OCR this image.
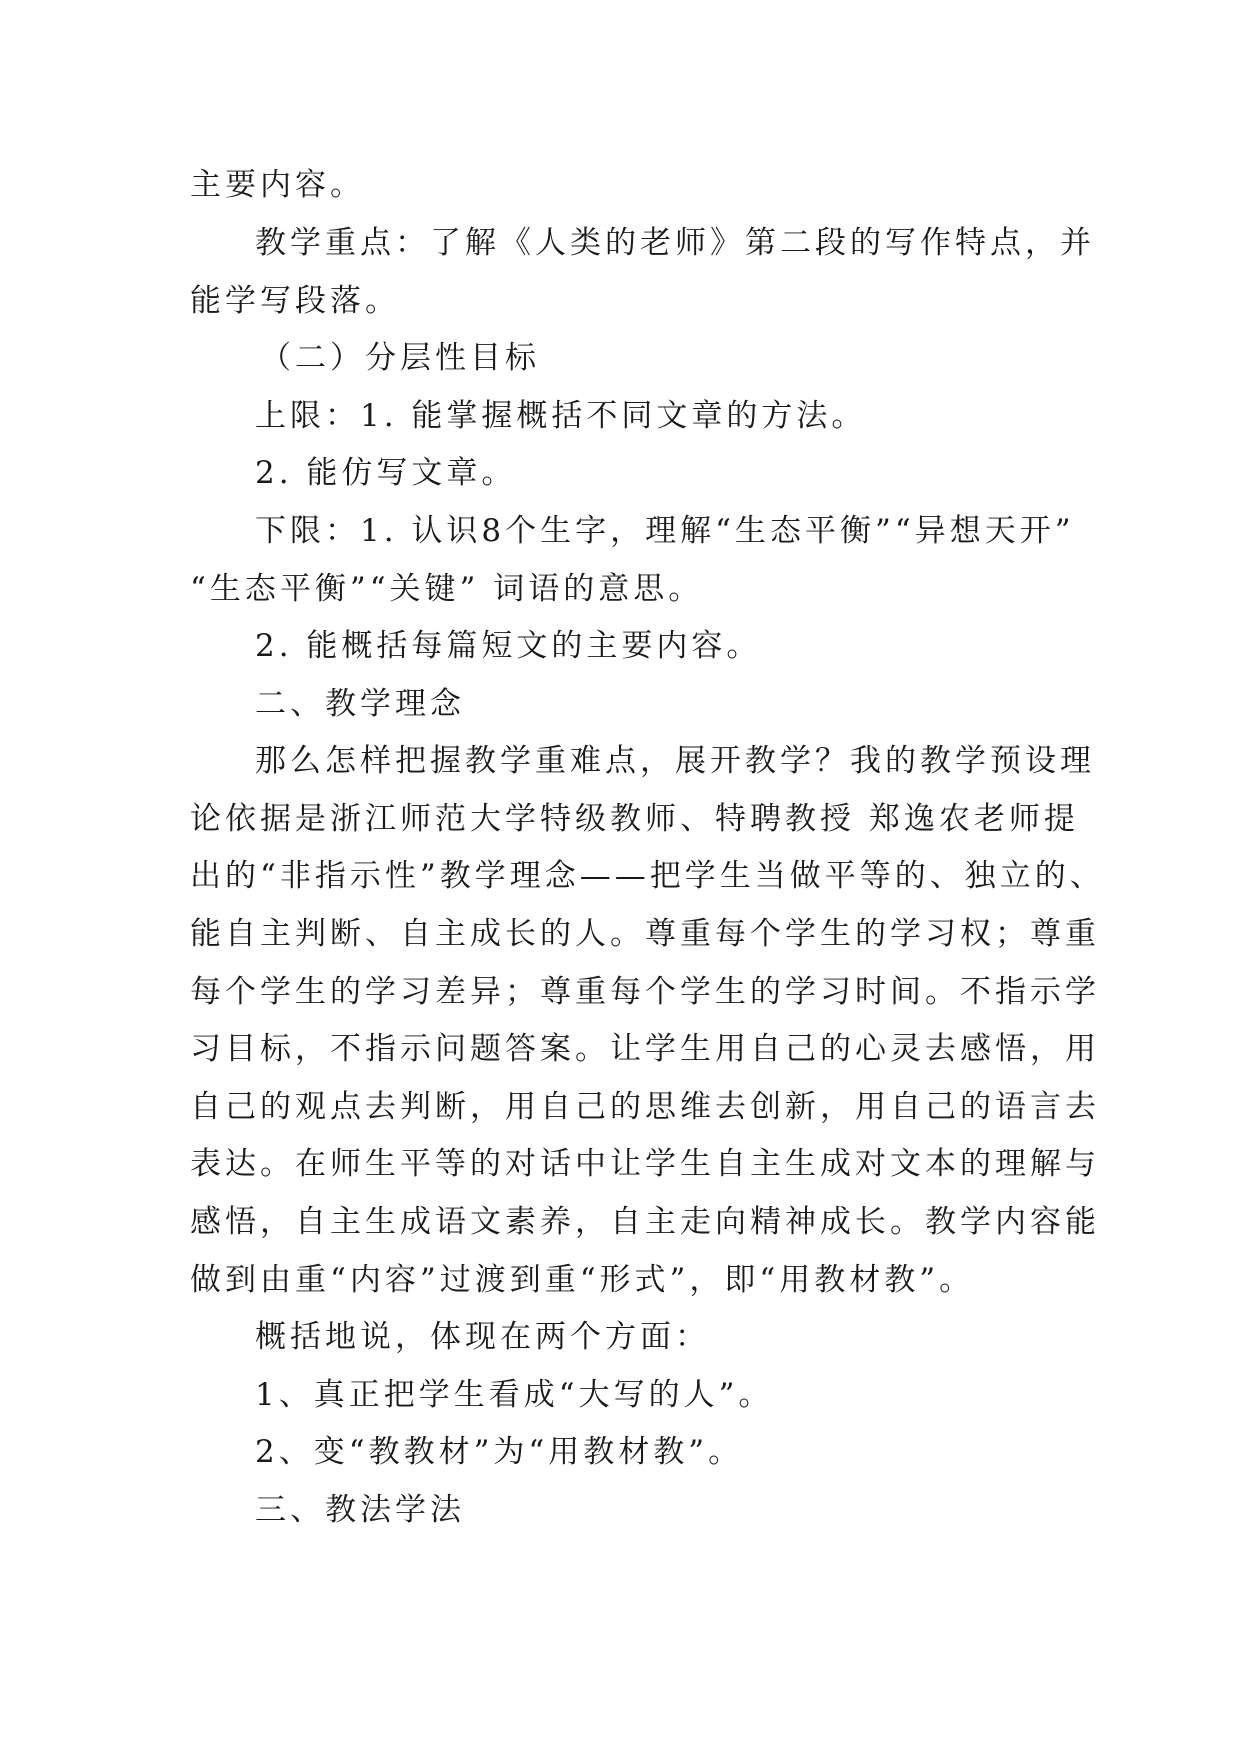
主要内容。
教学重点：了解《人类的老师》第二段的写作特点，并
能学写段落。
（二）分层性目标
上限：1. 能掌握概括不同文章的方法。
2. 能仿写文章。
下限：1. 认识8个生字，理解“生态平衡”“异想天开”
“生态平衡”“关键” 词语的意思。
2. 能概括每篇短文的主要内容。
二、教学理念
那么怎样把握教学重难点，展开教学？我的教学预设理
论依据是浙江师范大学特级教师、特聘教授 郑逸农老师提
出的“非指示性”教学理念——把学生当做平等的、独立的、
能自主判断、自主成长的人。尊重每个学生的学习权；尊重
每个学生的学习差异；尊重每个学生的学习时间。不指示学
习目标，不指示问题答案。让学生用自己的心灵去感悟，用
自己的观点去判断，用自己的思维去创新，用自己的语言去
表达。在师生平等的对话中让学生自主生成对文本的理解与
感悟，自主生成语文素养，自主走向精神成长。教学内容能
做到由重“内容”过渡到重“形式”，即“用教材教”。
概括地说，体现在两个方面：
1、真正把学生看成“大写的人”。
2、变“教教材”为“用教材教”。
三、教法学法
